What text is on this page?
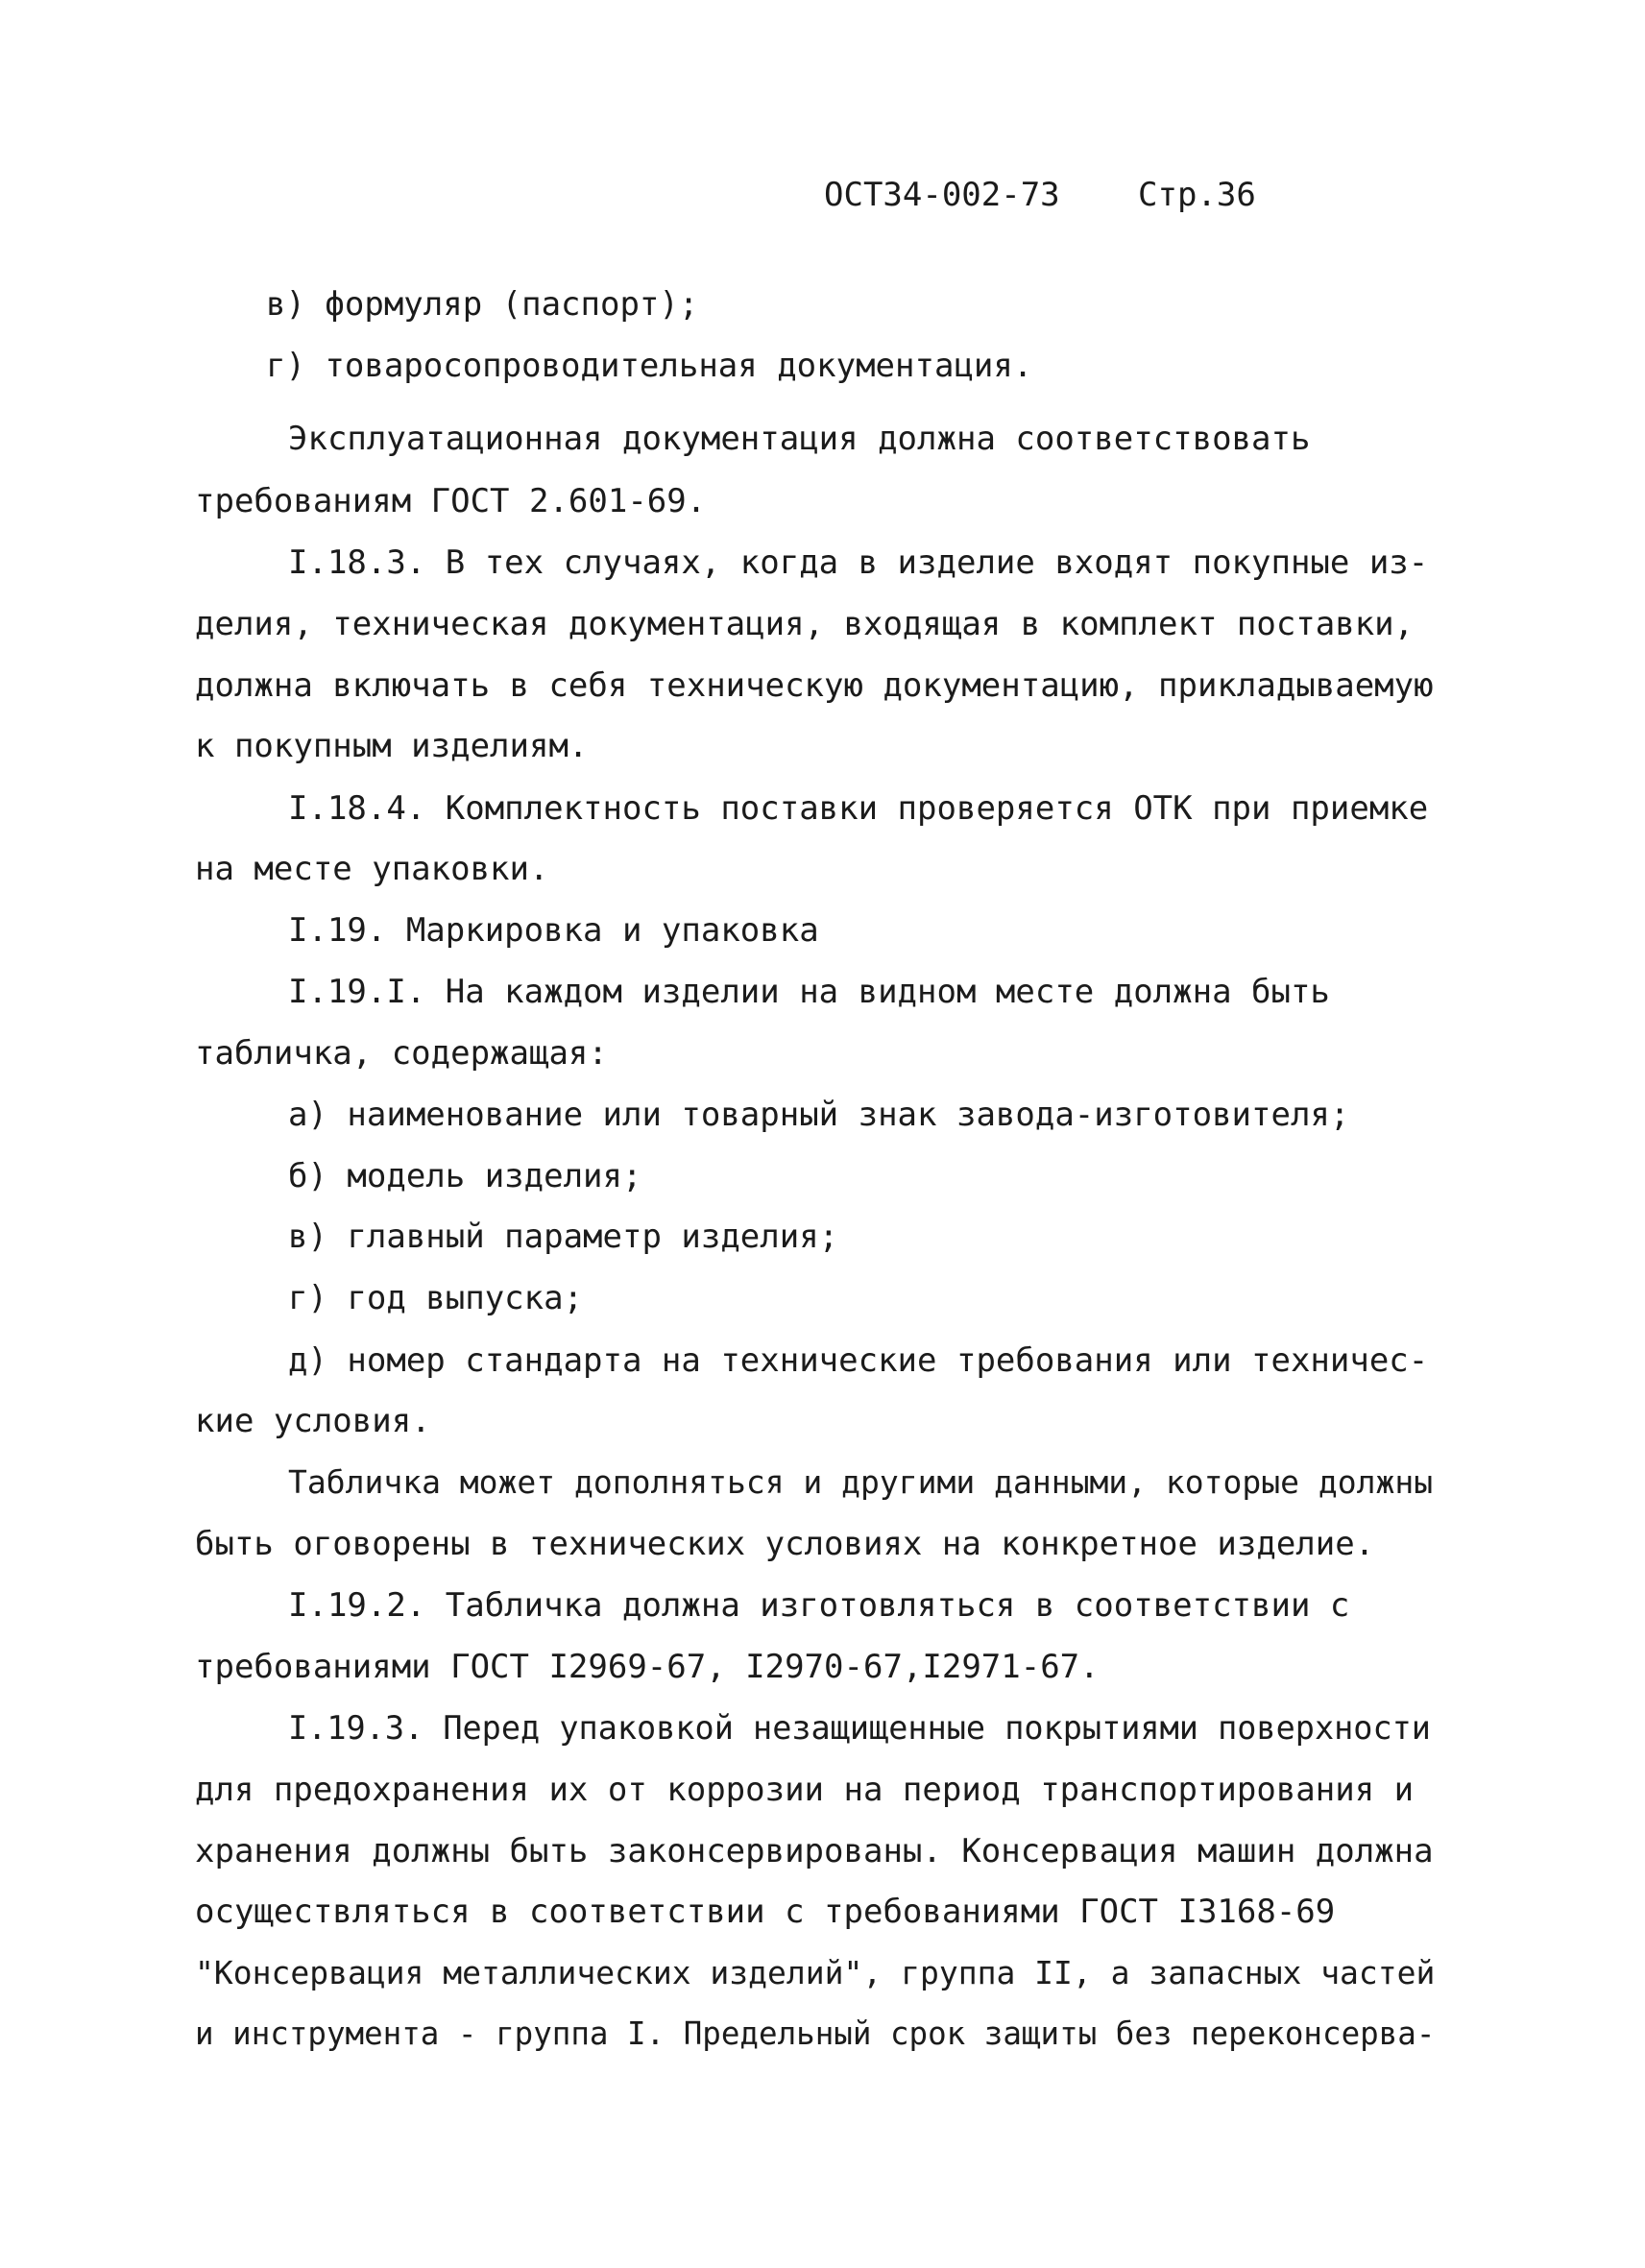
ОСТ34-002-73 Стр.36
в) формуляр (паспорт);
г) товаросопроводительная документация.
Эксплуатационная документация должна соответствовать
требованиям ГОСТ 2.601-69.
I.18.3. В тех случаях, когда в изделие входят покупные из-
делия, техническая документация, входящая в комплект поставки,
должна включать в себя техническую документацию, прикладываемую
к покупным изделиям.
I.18.4. Комплектность поставки проверяется ОТК при приемке
на месте упаковки.
I.19. Маркировка и упаковка
I.19.I. На каждом изделии на видном месте должна быть
табличка, содержащая:
а) наименование или товарный знак завода-изготовителя;
б) модель изделия;
в) главный параметр изделия;
г) год выпуска;
д) номер стандарта на технические требования или техничес-
кие условия.
Табличка может дополняться и другими данными, которые должны
быть оговорены в технических условиях на конкретное изделие.
I.19.2. Табличка должна изготовляться в соответствии с
требованиями ГОСТ I2969-67, I2970-67,I2971-67.
I.19.3. Перед упаковкой незащищенные покрытиями поверхности
для предохранения их от коррозии на период транспортирования и
хранения должны быть законсервированы. Консервация машин должна
осуществляться в соответствии с требованиями ГОСТ I3168-69
"Консервация металлических изделий", группа II, а запасных частей
и инструмента - группа I. Предельный срок защиты без переконсерва-
